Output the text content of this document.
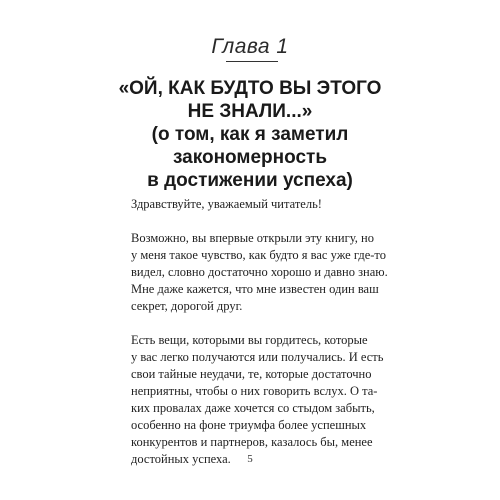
Глава 1
«ОЙ, КАК БУДТО ВЫ ЭТОГО
НЕ ЗНАЛИ...»
(о том, как я заметил
закономерность
в достижении успеха)

Здравствуйте, уважаемый читатель!

Возможно, вы впервые открыли эту книгу, но
у меня такое чувство, как будто я вас уже где-то
видел, словно достаточно хорошо и давно знаю.
Мне даже кажется, что мне известен один ваш
секрет, дорогой друг.

Есть вещи, которыми вы гордитесь, которые
у вас легко получаются или получались. И есть
свои тайные неудачи, те, которые достаточно
неприятны, чтобы о них говорить вслух. О та-
ких провалах даже хочется со стыдом забыть,
особенно на фоне триумфа более успешных
конкурентов и партнеров, казалось бы, менее
достойных успеха.	5
